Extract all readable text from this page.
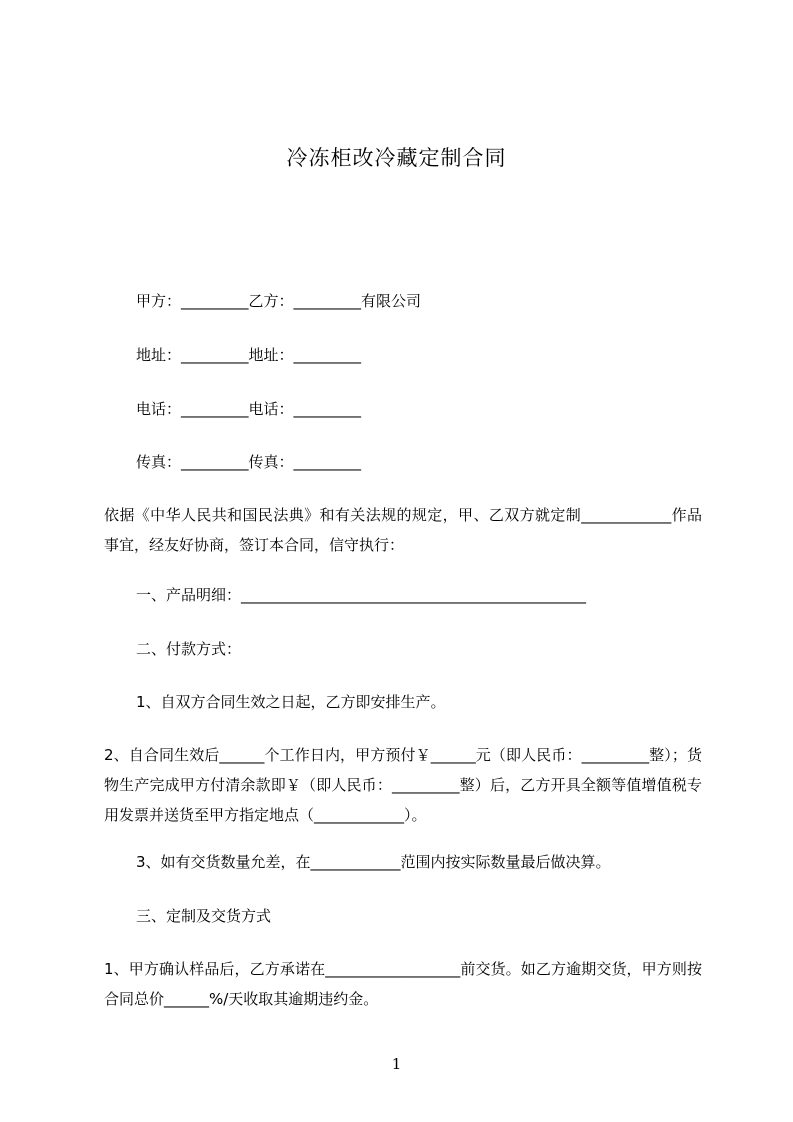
冷冻柜改冷藏定制合同
甲方：_________乙方：_________有限公司
地址：_________地址：_________
电话：_________电话：_________
传真：_________传真：_________
依据《中华人民共和国民法典》和有关法规的规定，甲、乙双方就定制____________作品事宜，经友好协商，签订本合同，信守执行：
一、产品明细：______________________________________________
二、付款方式：
1、自双方合同生效之日起，乙方即安排生产。
2、自合同生效后______个工作日内，甲方预付￥______元（即人民币：_________整）；货物生产完成甲方付清余款即￥（即人民币：_________整）后，乙方开具全额等值增值税专用发票并送货至甲方指定地点（____________）。
3、如有交货数量允差，在____________范围内按实际数量最后做决算。
三、定制及交货方式
1、甲方确认样品后，乙方承诺在__________________前交货。如乙方逾期交货，甲方则按合同总价______%/天收取其逾期违约金。
1
